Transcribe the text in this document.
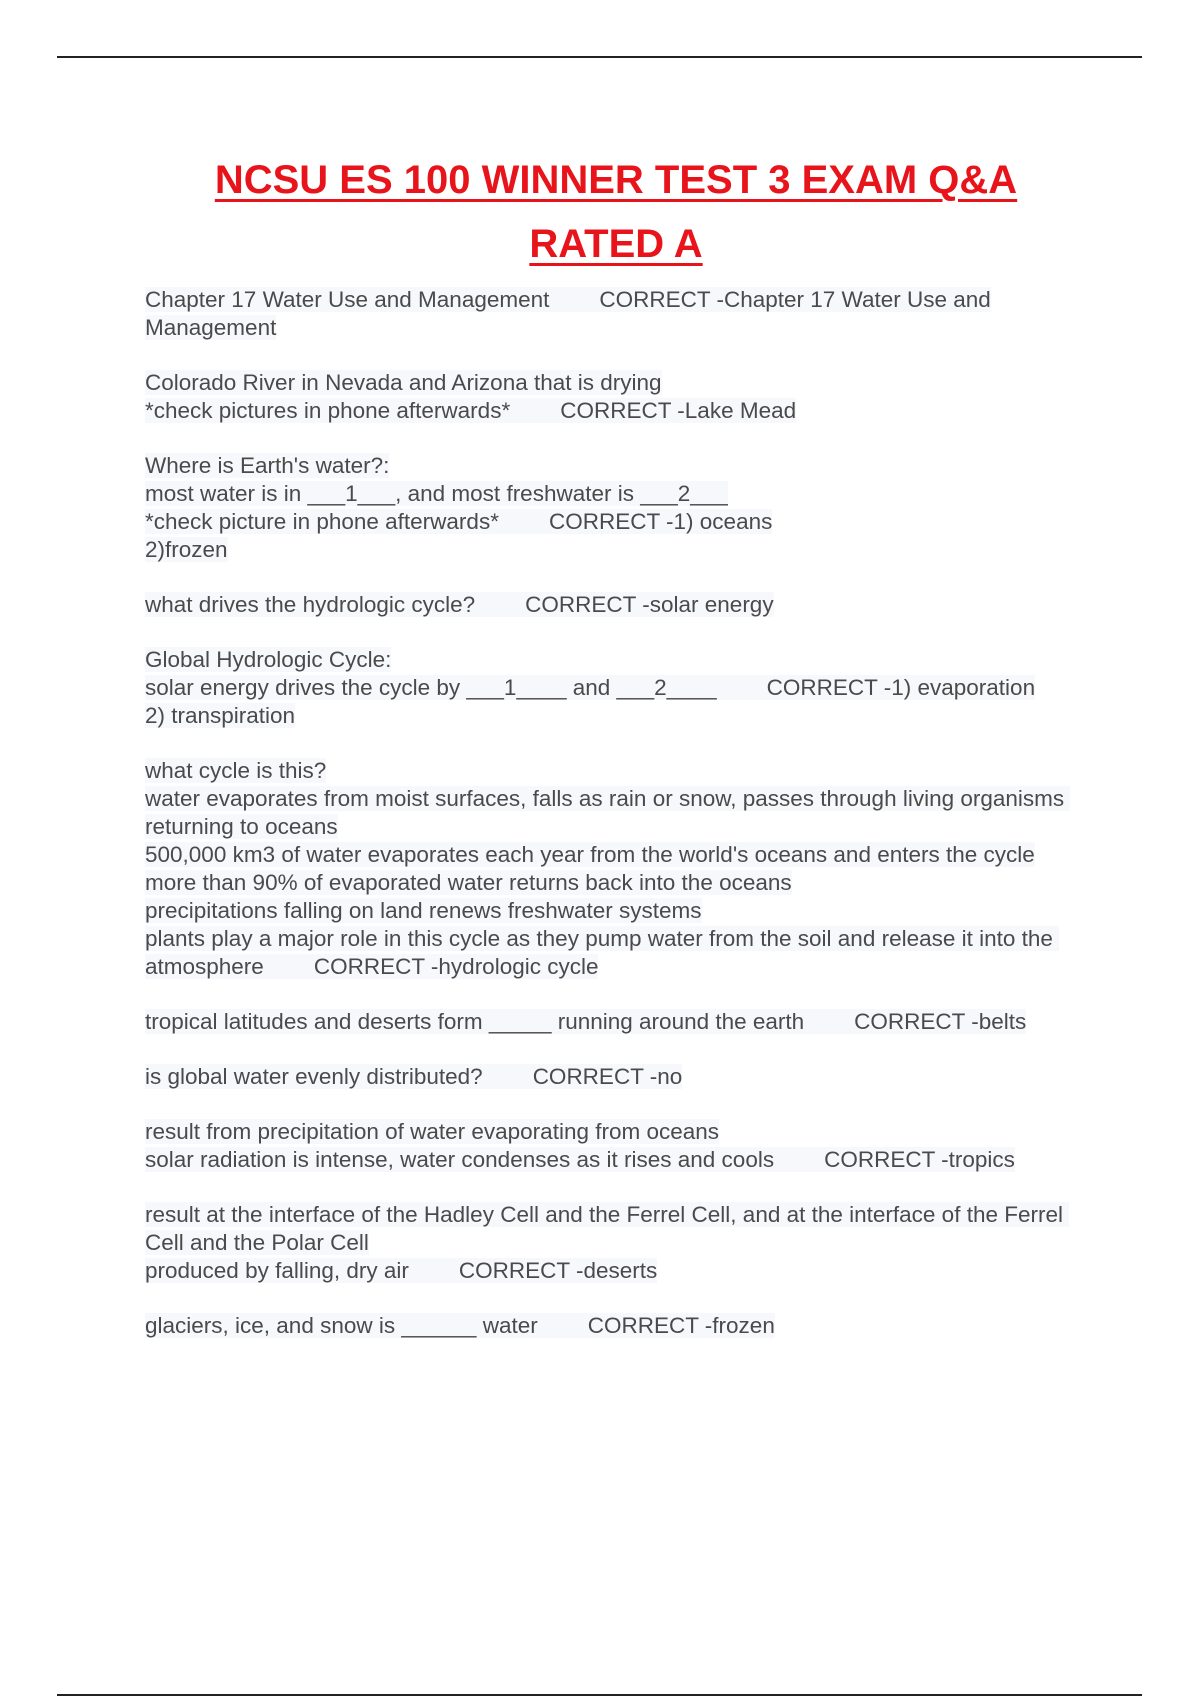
NCSU ES 100 WINNER TEST 3 EXAM Q&A
RATED A
Chapter 17 Water Use and Management CORRECT -Chapter 17 Water Use and Management
Colorado River in Nevada and Arizona that is drying
*check pictures in phone afterwards* CORRECT -Lake Mead
Where is Earth's water?:
most water is in ___1___, and most freshwater is ___2___
*check picture in phone afterwards* CORRECT -1) oceans
2)frozen
what drives the hydrologic cycle? CORRECT -solar energy
Global Hydrologic Cycle:
solar energy drives the cycle by ___1____ and ___2____ CORRECT -1) evaporation
2) transpiration
what cycle is this?
water evaporates from moist surfaces, falls as rain or snow, passes through living organisms returning to oceans
500,000 km3 of water evaporates each year from the world's oceans and enters the cycle
more than 90% of evaporated water returns back into the oceans
precipitations falling on land renews freshwater systems
plants play a major role in this cycle as they pump water from the soil and release it into the atmosphere CORRECT -hydrologic cycle
tropical latitudes and deserts form _____ running around the earth CORRECT -belts
is global water evenly distributed? CORRECT -no
result from precipitation of water evaporating from oceans
solar radiation is intense, water condenses as it rises and cools CORRECT -tropics
result at the interface of the Hadley Cell and the Ferrel Cell, and at the interface of the Ferrel Cell and the Polar Cell
produced by falling, dry air CORRECT -deserts
glaciers, ice, and snow is ______ water CORRECT -frozen
